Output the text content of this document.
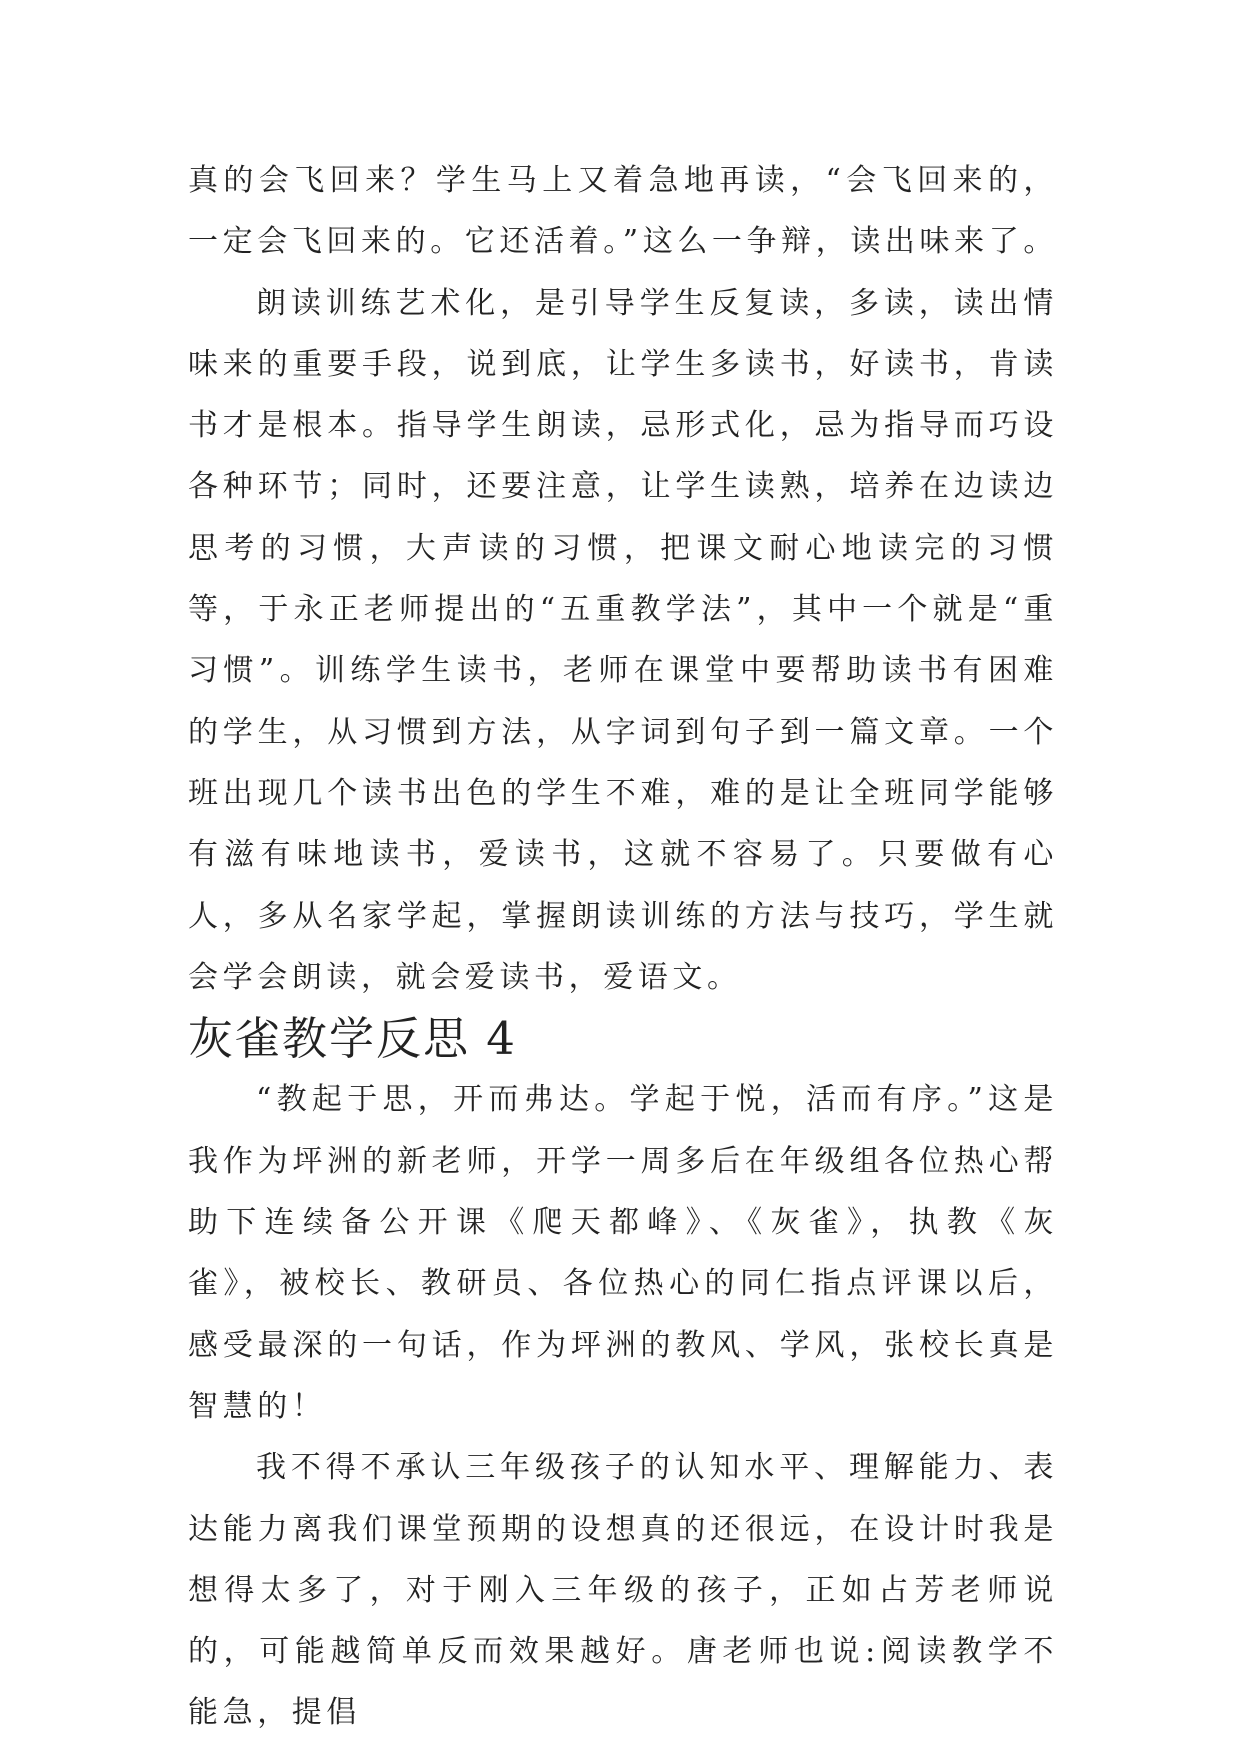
真的会飞回来？学生马上又着急地再读，“会飞回来的，一定会飞回来的。它还活着。”这么一争辩，读出味来了。

朗读训练艺术化，是引导学生反复读，多读，读出情味来的重要手段，说到底，让学生多读书，好读书，肯读书才是根本。指导学生朗读，忌形式化，忌为指导而巧设各种环节；同时，还要注意，让学生读熟，培养在边读边思考的习惯，大声读的习惯，把课文耐心地读完的习惯等，于永正老师提出的“五重教学法”，其中一个就是“重习惯”。训练学生读书，老师在课堂中要帮助读书有困难的学生，从习惯到方法，从字词到句子到一篇文章。一个班出现几个读书出色的学生不难，难的是让全班同学能够有滋有味地读书，爱读书，这就不容易了。只要做有心人，多从名家学起，掌握朗读训练的方法与技巧，学生就会学会朗读，就会爱读书，爱语文。

灰雀教学反思 4

“教起于思，开而弗达。学起于悦，活而有序。”这是我作为坪洲的新老师，开学一周多后在年级组各位热心帮助下连续备公开课《爬天都峰》、《灰雀》，执教《灰雀》，被校长、教研员、各位热心的同仁指点评课以后，感受最深的一句话，作为坪洲的教风、学风，张校长真是智慧的！

我不得不承认三年级孩子的认知水平、理解能力、表达能力离我们课堂预期的设想真的还很远，在设计时我是想得太多了，对于刚入三年级的孩子，正如占芳老师说的，可能越简单反而效果越好。唐老师也说:阅读教学不能急，提倡
